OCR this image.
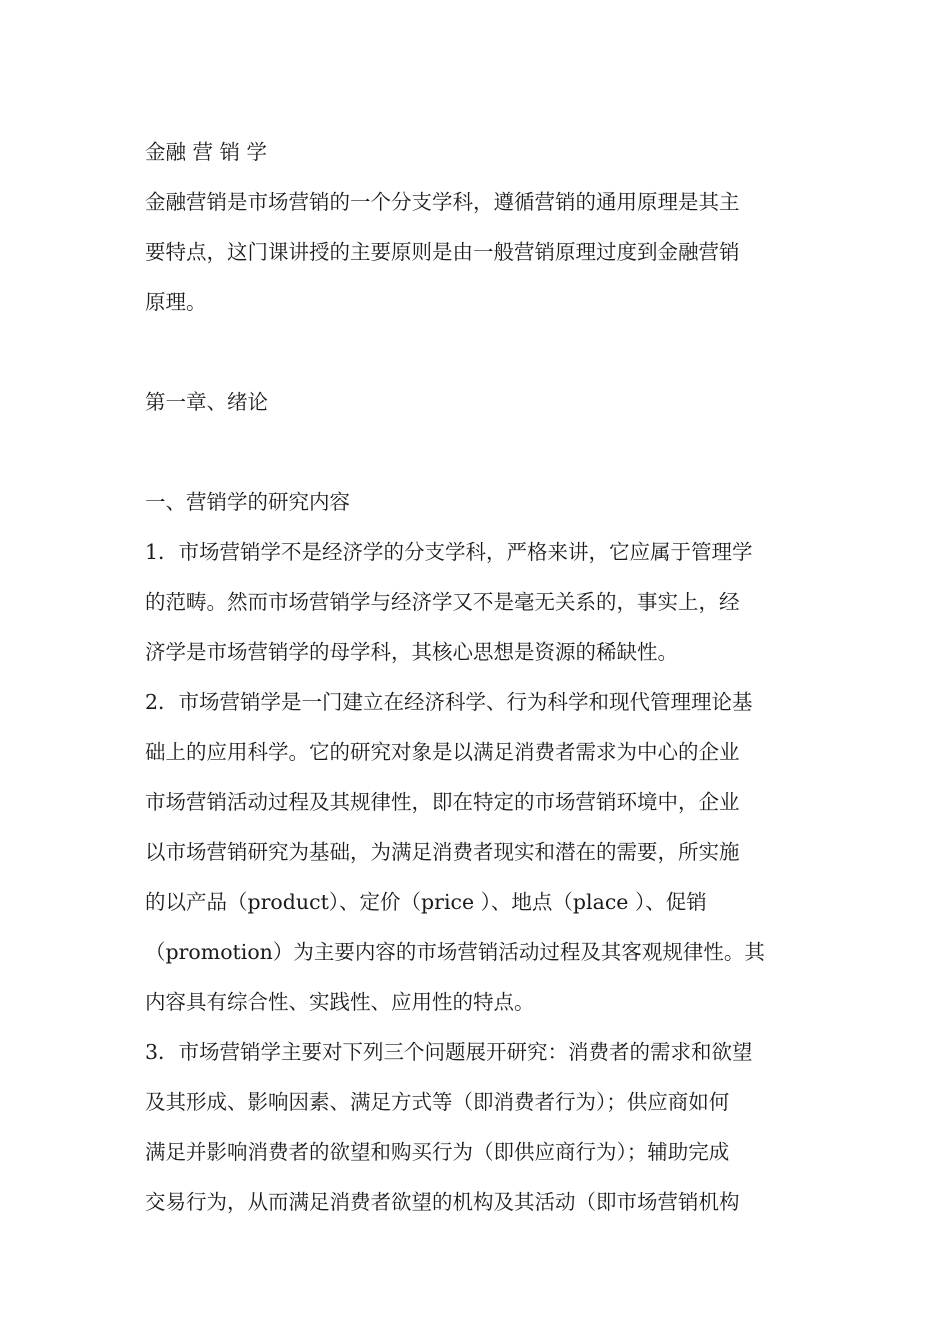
金融 营 销 学
金融营销是市场营销的一个分支学科，遵循营销的通用原理是其主
要特点，这门课讲授的主要原则是由一般营销原理过度到金融营销
原理。
第一章、绪论
一、营销学的研究内容
1．市场营销学不是经济学的分支学科，严格来讲，它应属于管理学
的范畴。然而市场营销学与经济学又不是毫无关系的，事实上，经
济学是市场营销学的母学科，其核心思想是资源的稀缺性。
2．市场营销学是一门建立在经济科学、行为科学和现代管理理论基
础上的应用科学。它的研究对象是以满足消费者需求为中心的企业
市场营销活动过程及其规律性，即在特定的市场营销环境中，企业
以市场营销研究为基础，为满足消费者现实和潜在的需要，所实施
的以产品（product）、定价（price ）、地点（place ）、促销
（promotion）为主要内容的市场营销活动过程及其客观规律性。其
内容具有综合性、实践性、应用性的特点。
3．市场营销学主要对下列三个问题展开研究：消费者的需求和欲望
及其形成、影响因素、满足方式等（即消费者行为）；供应商如何
满足并影响消费者的欲望和购买行为（即供应商行为）；辅助完成
交易行为，从而满足消费者欲望的机构及其活动（即市场营销机构
